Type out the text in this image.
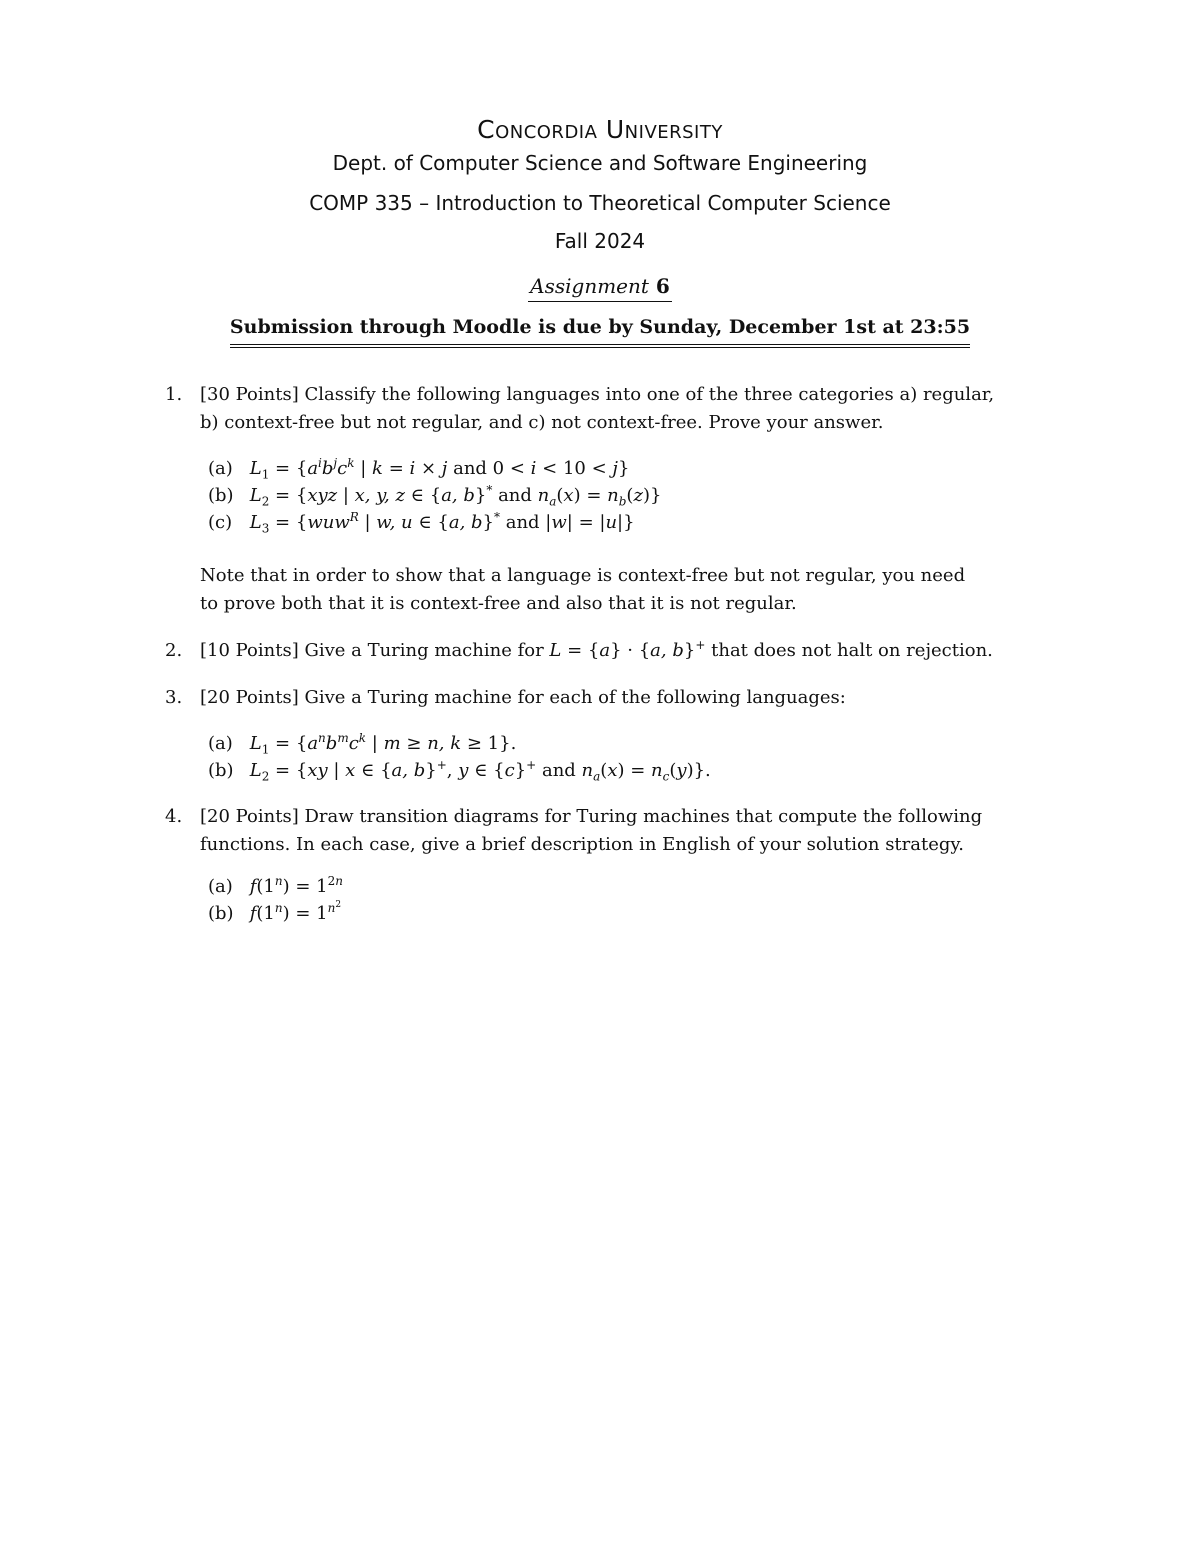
Concordia University
Dept. of Computer Science and Software Engineering
COMP 335 – Introduction to Theoretical Computer Science
Fall 2024
Assignment 6
Submission through Moodle is due by Sunday, December 1st at 23:55
1. [30 Points] Classify the following languages into one of the three categories a) regular,
b) context-free but not regular, and c) not context-free. Prove your answer.
(a) $L_1 = \{a^ib^jc^k$ | k = i × j and 0 < i < 10 < j}
(b) $L_2 = \{xyz$ | x, y, z ∈ {a, b}* and $n_a(x) = n_b(z)$}
(c) $L_3 = \{wuw^R$ | w, u ∈ {a, b}* and |w| = |u|}
Note that in order to show that a language is context-free but not regular, you need
to prove both that it is context-free and also that it is not regular.
2. [10 Points] Give a Turing machine for L = {a} · {a, b}+ that does not halt on rejection.
3. [20 Points] Give a Turing machine for each of the following languages:
(a) $L_1 = \{a^nb^mc^k$ | m ≥ n, k ≥ 1}.
(b) $L_2 = \{xy$ | x ∈ {a, b}+, y ∈ {c}+ and $n_a(x) = n_c(y)$}.
4. [20 Points] Draw transition diagrams for Turing machines that compute the following
functions. In each case, give a brief description in English of your solution strategy.
(a) $f(1^n) = 1^{2n}$
(b) $f(1^n) = 1^{n^2}$
